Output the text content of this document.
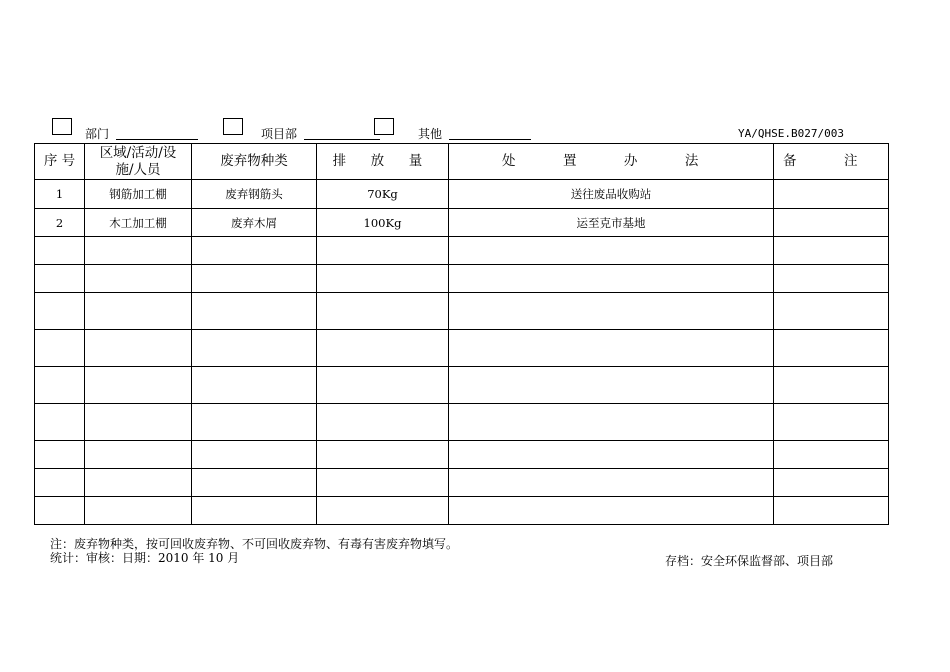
部门	项目部	其他	YA/QHSE.B027/003
序 号	区域/活动/设施/人员	废弃物种类	排 放 量	处 置 办 法	备 注
1	钢筋加工棚	废弃钢筋头	70Kg	送往废品收购站	
2	木工加工棚	废弃木屑	100Kg	运至克市基地	

注：废弃物种类，按可回收废弃物、不可回收废弃物、有毒有害废弃物填写。
统计：审核：日期：2010 年 10 月	存档：安全环保监督部、项目部
